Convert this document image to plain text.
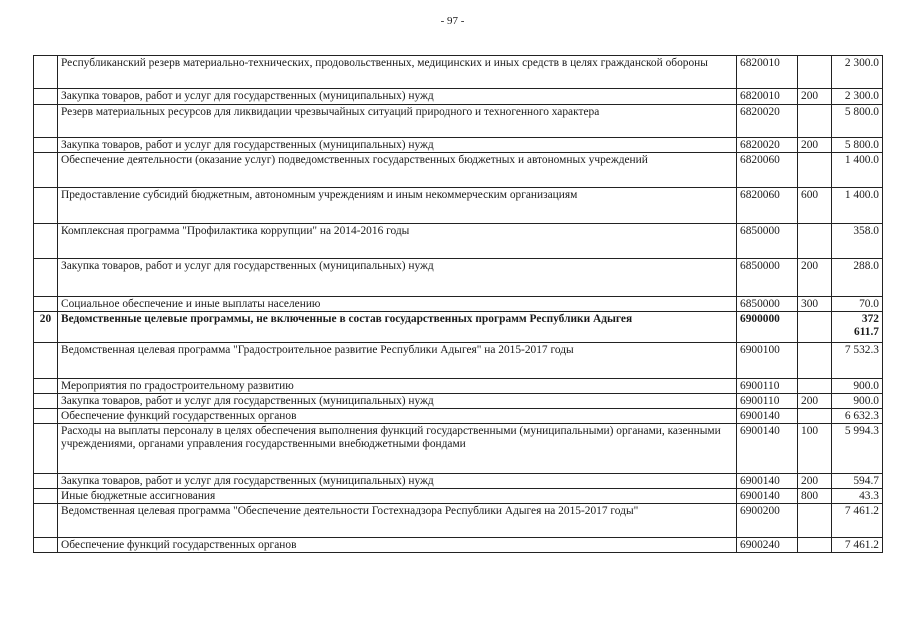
- 97 -
	Республиканский резерв материально-технических, продовольственных, медицинских и иных средств в целях гражданской обороны	6820010		2 300.0
	Закупка товаров, работ и услуг для государственных (муниципальных) нужд	6820010	200	2 300.0
	Резерв материальных ресурсов для ликвидации чрезвычайных ситуаций природного и техногенного характера	6820020		5 800.0
	Закупка товаров, работ и услуг для государственных (муниципальных) нужд	6820020	200	5 800.0
	Обеспечение деятельности (оказание услуг) подведомственных государственных бюджетных и автономных учреждений	6820060		1 400.0
	Предоставление субсидий бюджетным, автономным учреждениям и иным некоммерческим организациям	6820060	600	1 400.0
	Комплексная программа "Профилактика коррупции" на 2014-2016 годы	6850000		358.0
	Закупка товаров, работ и услуг для государственных (муниципальных) нужд	6850000	200	288.0
	Социальное обеспечение и иные выплаты населению	6850000	300	70.0
20	Ведомственные целевые программы, не включенные в состав государственных программ Республики Адыгея	6900000		372 611.7
	Ведомственная целевая программа "Градостроительное развитие Республики Адыгея" на 2015-2017 годы	6900100		7 532.3
	Мероприятия по градостроительному развитию	6900110		900.0
	Закупка товаров, работ и услуг для государственных (муниципальных) нужд	6900110	200	900.0
	Обеспечение функций государственных органов	6900140		6 632.3
	Расходы на выплаты персоналу в целях обеспечения выполнения функций государственными (муниципальными) органами, казенными учреждениями, органами управления государственными внебюджетными фондами	6900140	100	5 994.3
	Закупка товаров, работ и услуг для государственных (муниципальных) нужд	6900140	200	594.7
	Иные бюджетные ассигнования	6900140	800	43.3
	Ведомственная целевая программа "Обеспечение деятельности Гостехнадзора Республики Адыгея на 2015-2017 годы"	6900200		7 461.2
	Обеспечение функций государственных органов	6900240		7 461.2
